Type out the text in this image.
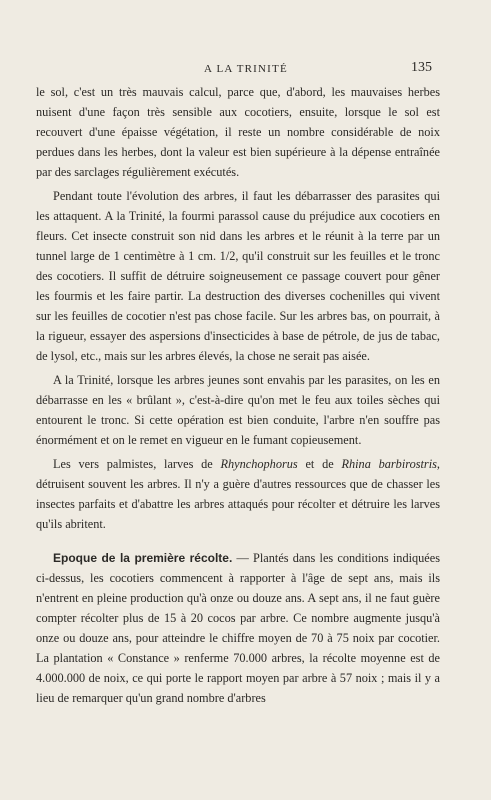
A LA TRINITÉ	135

le sol, c'est un très mauvais calcul, parce que, d'abord, les mauvaises herbes nuisent d'une façon très sensible aux cocotiers, ensuite, lorsque le sol est recouvert d'une épaisse végétation, il reste un nombre considérable de noix perdues dans les herbes, dont la valeur est bien supérieure à la dépense entraînée par des sarclages régulièrement exécutés.

Pendant toute l'évolution des arbres, il faut les débarrasser des parasites qui les attaquent. A la Trinité, la fourmi parassol cause du préjudice aux cocotiers en fleurs. Cet insecte construit son nid dans les arbres et le réunit à la terre par un tunnel large de 1 centimètre à 1 cm. 1/2, qu'il construit sur les feuilles et le tronc des cocotiers. Il suffit de détruire soigneusement ce passage couvert pour gêner les fourmis et les faire partir. La destruction des diverses cochenilles qui vivent sur les feuilles de cocotier n'est pas chose facile. Sur les arbres bas, on pourrait, à la rigueur, essayer des aspersions d'insecticides à base de pétrole, de jus de tabac, de lysol, etc., mais sur les arbres élevés, la chose ne serait pas aisée.

A la Trinité, lorsque les arbres jeunes sont envahis par les parasites, on les en débarrasse en les « brûlant », c'est-à-dire qu'on met le feu aux toiles sèches qui entourent le tronc. Si cette opération est bien conduite, l'arbre n'en souffre pas énormément et on le remet en vigueur en le fumant copieusement.

Les vers palmistes, larves de Rhynchophorus et de Rhina barbirostris, détruisent souvent les arbres. Il n'y a guère d'autres ressources que de chasser les insectes parfaits et d'abattre les arbres attaqués pour récolter et détruire les larves qu'ils abritent.

Epoque de la première récolte. — Plantés dans les conditions indiquées ci-dessus, les cocotiers commencent à rapporter à l'âge de sept ans, mais ils n'entrent en pleine production qu'à onze ou douze ans. A sept ans, il ne faut guère compter récolter plus de 15 à 20 cocos par arbre. Ce nombre augmente jusqu'à onze ou douze ans, pour atteindre le chiffre moyen de 70 à 75 noix par cocotier. La plantation « Constance » renferme 70.000 arbres, la récolte moyenne est de 4.000.000 de noix, ce qui porte le rapport moyen par arbre à 57 noix ; mais il y a lieu de remarquer qu'un grand nombre d'arbres
